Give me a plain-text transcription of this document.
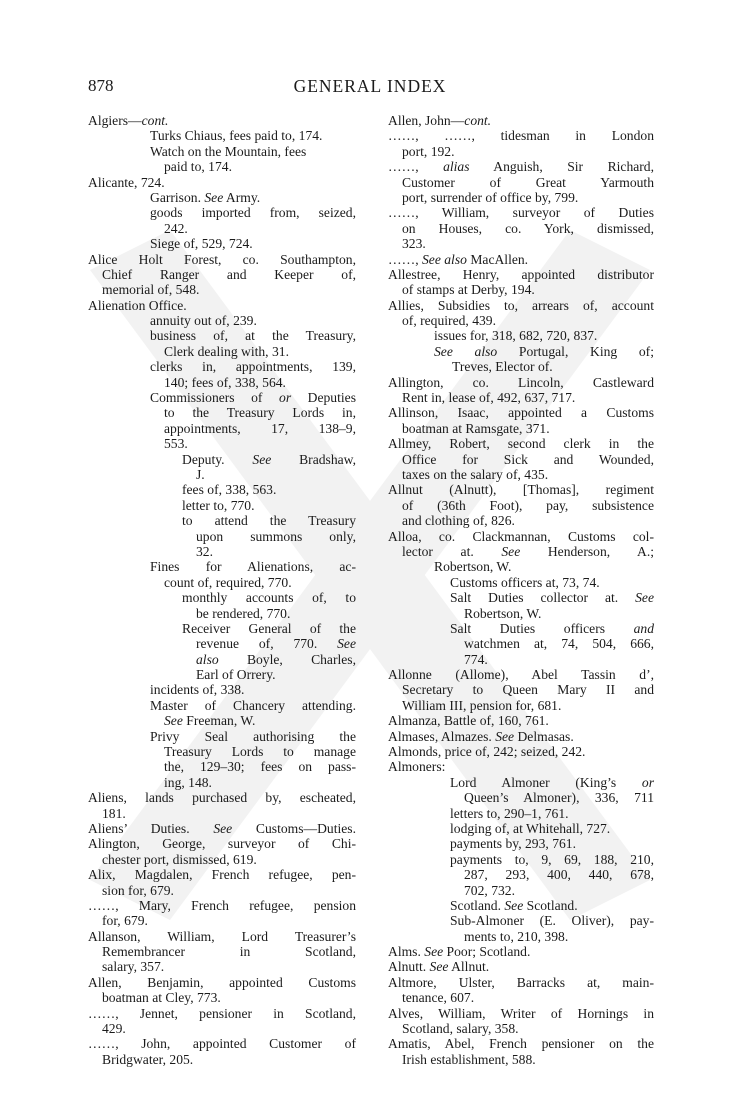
878	GENERAL INDEX
Algiers—cont.
Turks Chiaus, fees paid to, 174.
Watch on the Mountain, fees
paid to, 174.
Alicante, 724.
Garrison. See Army.
goods imported from, seized,
242.
Siege of, 529, 724.
Alice Holt Forest, co. Southampton,
Chief Ranger and Keeper of,
memorial of, 548.
Alienation Office.
annuity out of, 239.
business of, at the Treasury,
Clerk dealing with, 31.
clerks in, appointments, 139,
140; fees of, 338, 564.
Commissioners of or Deputies
to the Treasury Lords in,
appointments, 17, 138–9,
553.
Deputy. See Bradshaw,
J.
fees of, 338, 563.
letter to, 770.
to attend the Treasury
upon summons only,
32.
Fines for Alienations, ac-
count of, required, 770.
monthly accounts of, to
be rendered, 770.
Receiver General of the
revenue of, 770. See
also Boyle, Charles,
Earl of Orrery.
incidents of, 338.
Master of Chancery attending.
See Freeman, W.
Privy Seal authorising the
Treasury Lords to manage
the, 129–30; fees on pass-
ing, 148.
Aliens, lands purchased by, escheated,
181.
Aliens’ Duties. See Customs—Duties.
Alington, George, surveyor of Chi-
chester port, dismissed, 619.
Alix, Magdalen, French refugee, pen-
sion for, 679.
……, Mary, French refugee, pension
for, 679.
Allanson, William, Lord Treasurer’s
Remembrancer in Scotland,
salary, 357.
Allen, Benjamin, appointed Customs
boatman at Cley, 773.
……, Jennet, pensioner in Scotland,
429.
……, John, appointed Customer of
Bridgwater, 205.
Allen, John—cont.
……, ……, tidesman in London
port, 192.
……, alias Anguish, Sir Richard,
Customer of Great Yarmouth
port, surrender of office by, 799.
……, William, surveyor of Duties
on Houses, co. York, dismissed,
323.
……, See also MacAllen.
Allestree, Henry, appointed distributor
of stamps at Derby, 194.
Allies, Subsidies to, arrears of, account
of, required, 439.
issues for, 318, 682, 720, 837.
See also Portugal, King of;
Treves, Elector of.
Allington, co. Lincoln, Castleward
Rent in, lease of, 492, 637, 717.
Allinson, Isaac, appointed a Customs
boatman at Ramsgate, 371.
Allmey, Robert, second clerk in the
Office for Sick and Wounded,
taxes on the salary of, 435.
Allnut (Alnutt), [Thomas], regiment
of (36th Foot), pay, subsistence
and clothing of, 826.
Alloa, co. Clackmannan, Customs col-
lector at. See Henderson, A.;
Robertson, W.
Customs officers at, 73, 74.
Salt Duties collector at. See
Robertson, W.
Salt Duties officers and
watchmen at, 74, 504, 666,
774.
Allonne (Allome), Abel Tassin d’,
Secretary to Queen Mary II and
William III, pension for, 681.
Almanza, Battle of, 160, 761.
Almases, Almazes. See Delmasas.
Almonds, price of, 242; seized, 242.
Almoners:
Lord Almoner (King’s or
Queen’s Almoner), 336, 711
letters to, 290–1, 761.
lodging of, at Whitehall, 727.
payments by, 293, 761.
payments to, 9, 69, 188, 210,
287, 293, 400, 440, 678,
702, 732.
Scotland. See Scotland.
Sub-Almoner (E. Oliver), pay-
ments to, 210, 398.
Alms. See Poor; Scotland.
Alnutt. See Allnut.
Altmore, Ulster, Barracks at, main-
tenance, 607.
Alves, William, Writer of Hornings in
Scotland, salary, 358.
Amatis, Abel, French pensioner on the
Irish establishment, 588.
